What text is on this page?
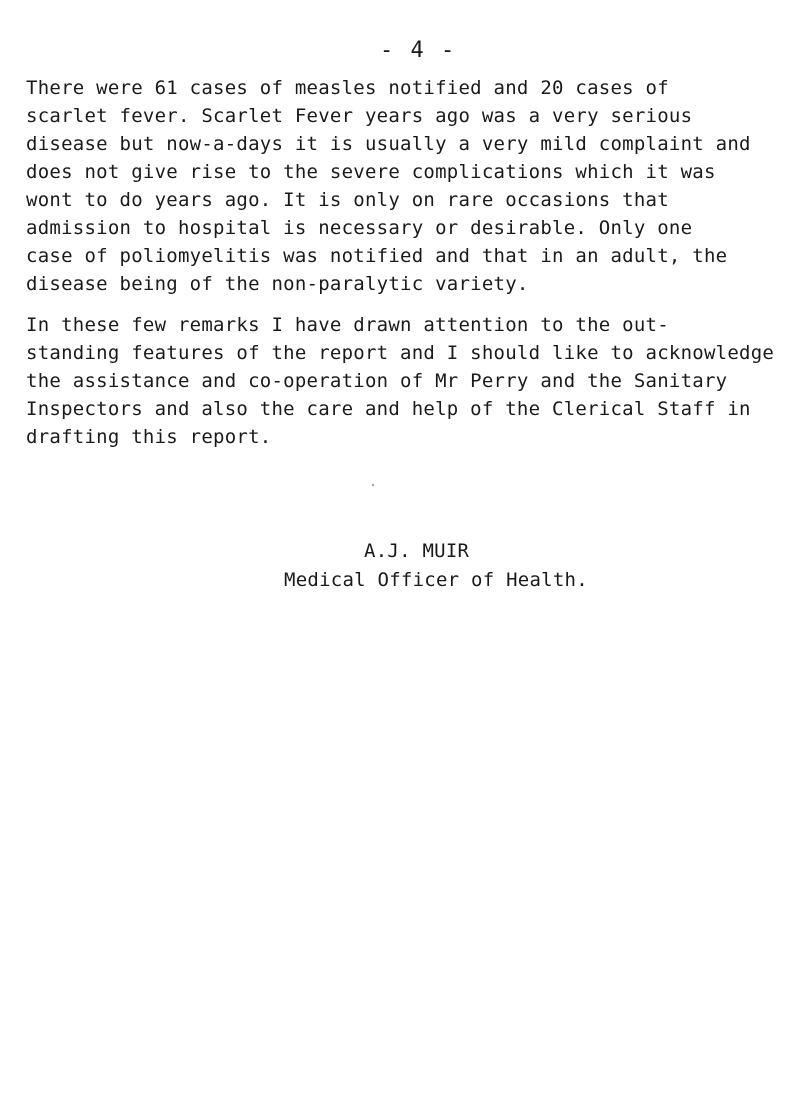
- 4 -
There were 61 cases of measles notified and 20 cases of
scarlet fever. Scarlet Fever years ago was a very serious
disease but now-a-days it is usually a very mild complaint and
does not give rise to the severe complications which it was
wont to do years ago. It is only on rare occasions that
admission to hospital is necessary or desirable. Only one
case of poliomyelitis was notified and that in an adult, the
disease being of the non-paralytic variety.
In these few remarks I have drawn attention to the out-
standing features of the report and I should like to acknowledge
the assistance and co-operation of Mr Perry and the Sanitary
Inspectors and also the care and help of the Clerical Staff in
drafting this report.
A.J. MUIR
Medical Officer of Health.
